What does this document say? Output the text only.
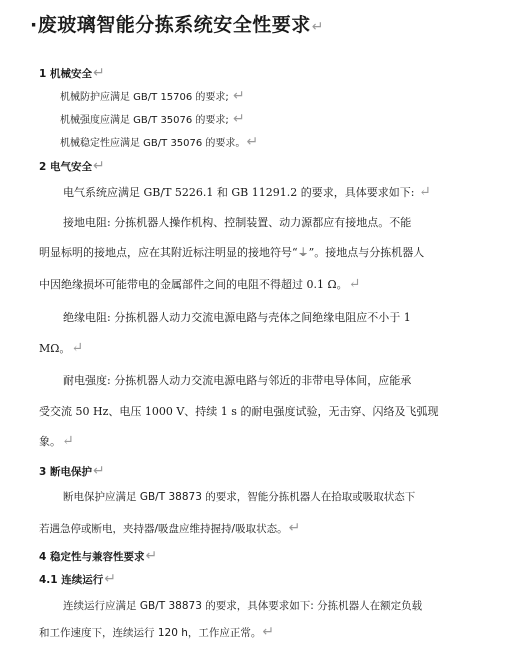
·废玻璃智能分拣系统安全性要求↵
1 机械安全↵
机械防护应满足 GB/T 15706 的要求; ↵
机械强度应满足 GB/T 35076 的要求; ↵
机械稳定性应满足 GB/T 35076 的要求。↵
2 电气安全↵
电气系统应满足 GB/T 5226.1 和 GB 11291.2 的要求，具体要求如下: ↵
接地电阻: 分拣机器人操作机构、控制装置、动力源都应有接地点。不能
明显标明的接地点，应在其附近标注明显的接地符号“⏚”。接地点与分拣机器人
中因绝缘损坏可能带电的金属部件之间的电阻不得超过 0.1 Ω。↵
绝缘电阻: 分拣机器人动力交流电源电路与壳体之间绝缘电阻应不小于 1
MΩ。↵
耐电强度: 分拣机器人动力交流电源电路与邻近的非带电导体间，应能承
受交流 50 Hz、电压 1000 V、持续 1 s 的耐电强度试验，无击穿、闪络及飞弧现
象。↵
3 断电保护↵
断电保护应满足 GB/T 38873 的要求，智能分拣机器人在拾取或吸取状态下
若遇急停或断电，夹持器/吸盘应维持握持/吸取状态。↵
4 稳定性与兼容性要求↵
4.1 连续运行↵
连续运行应满足 GB/T 38873 的要求，具体要求如下: 分拣机器人在额定负载
和工作速度下，连续运行 120 h，工作应正常。↵
